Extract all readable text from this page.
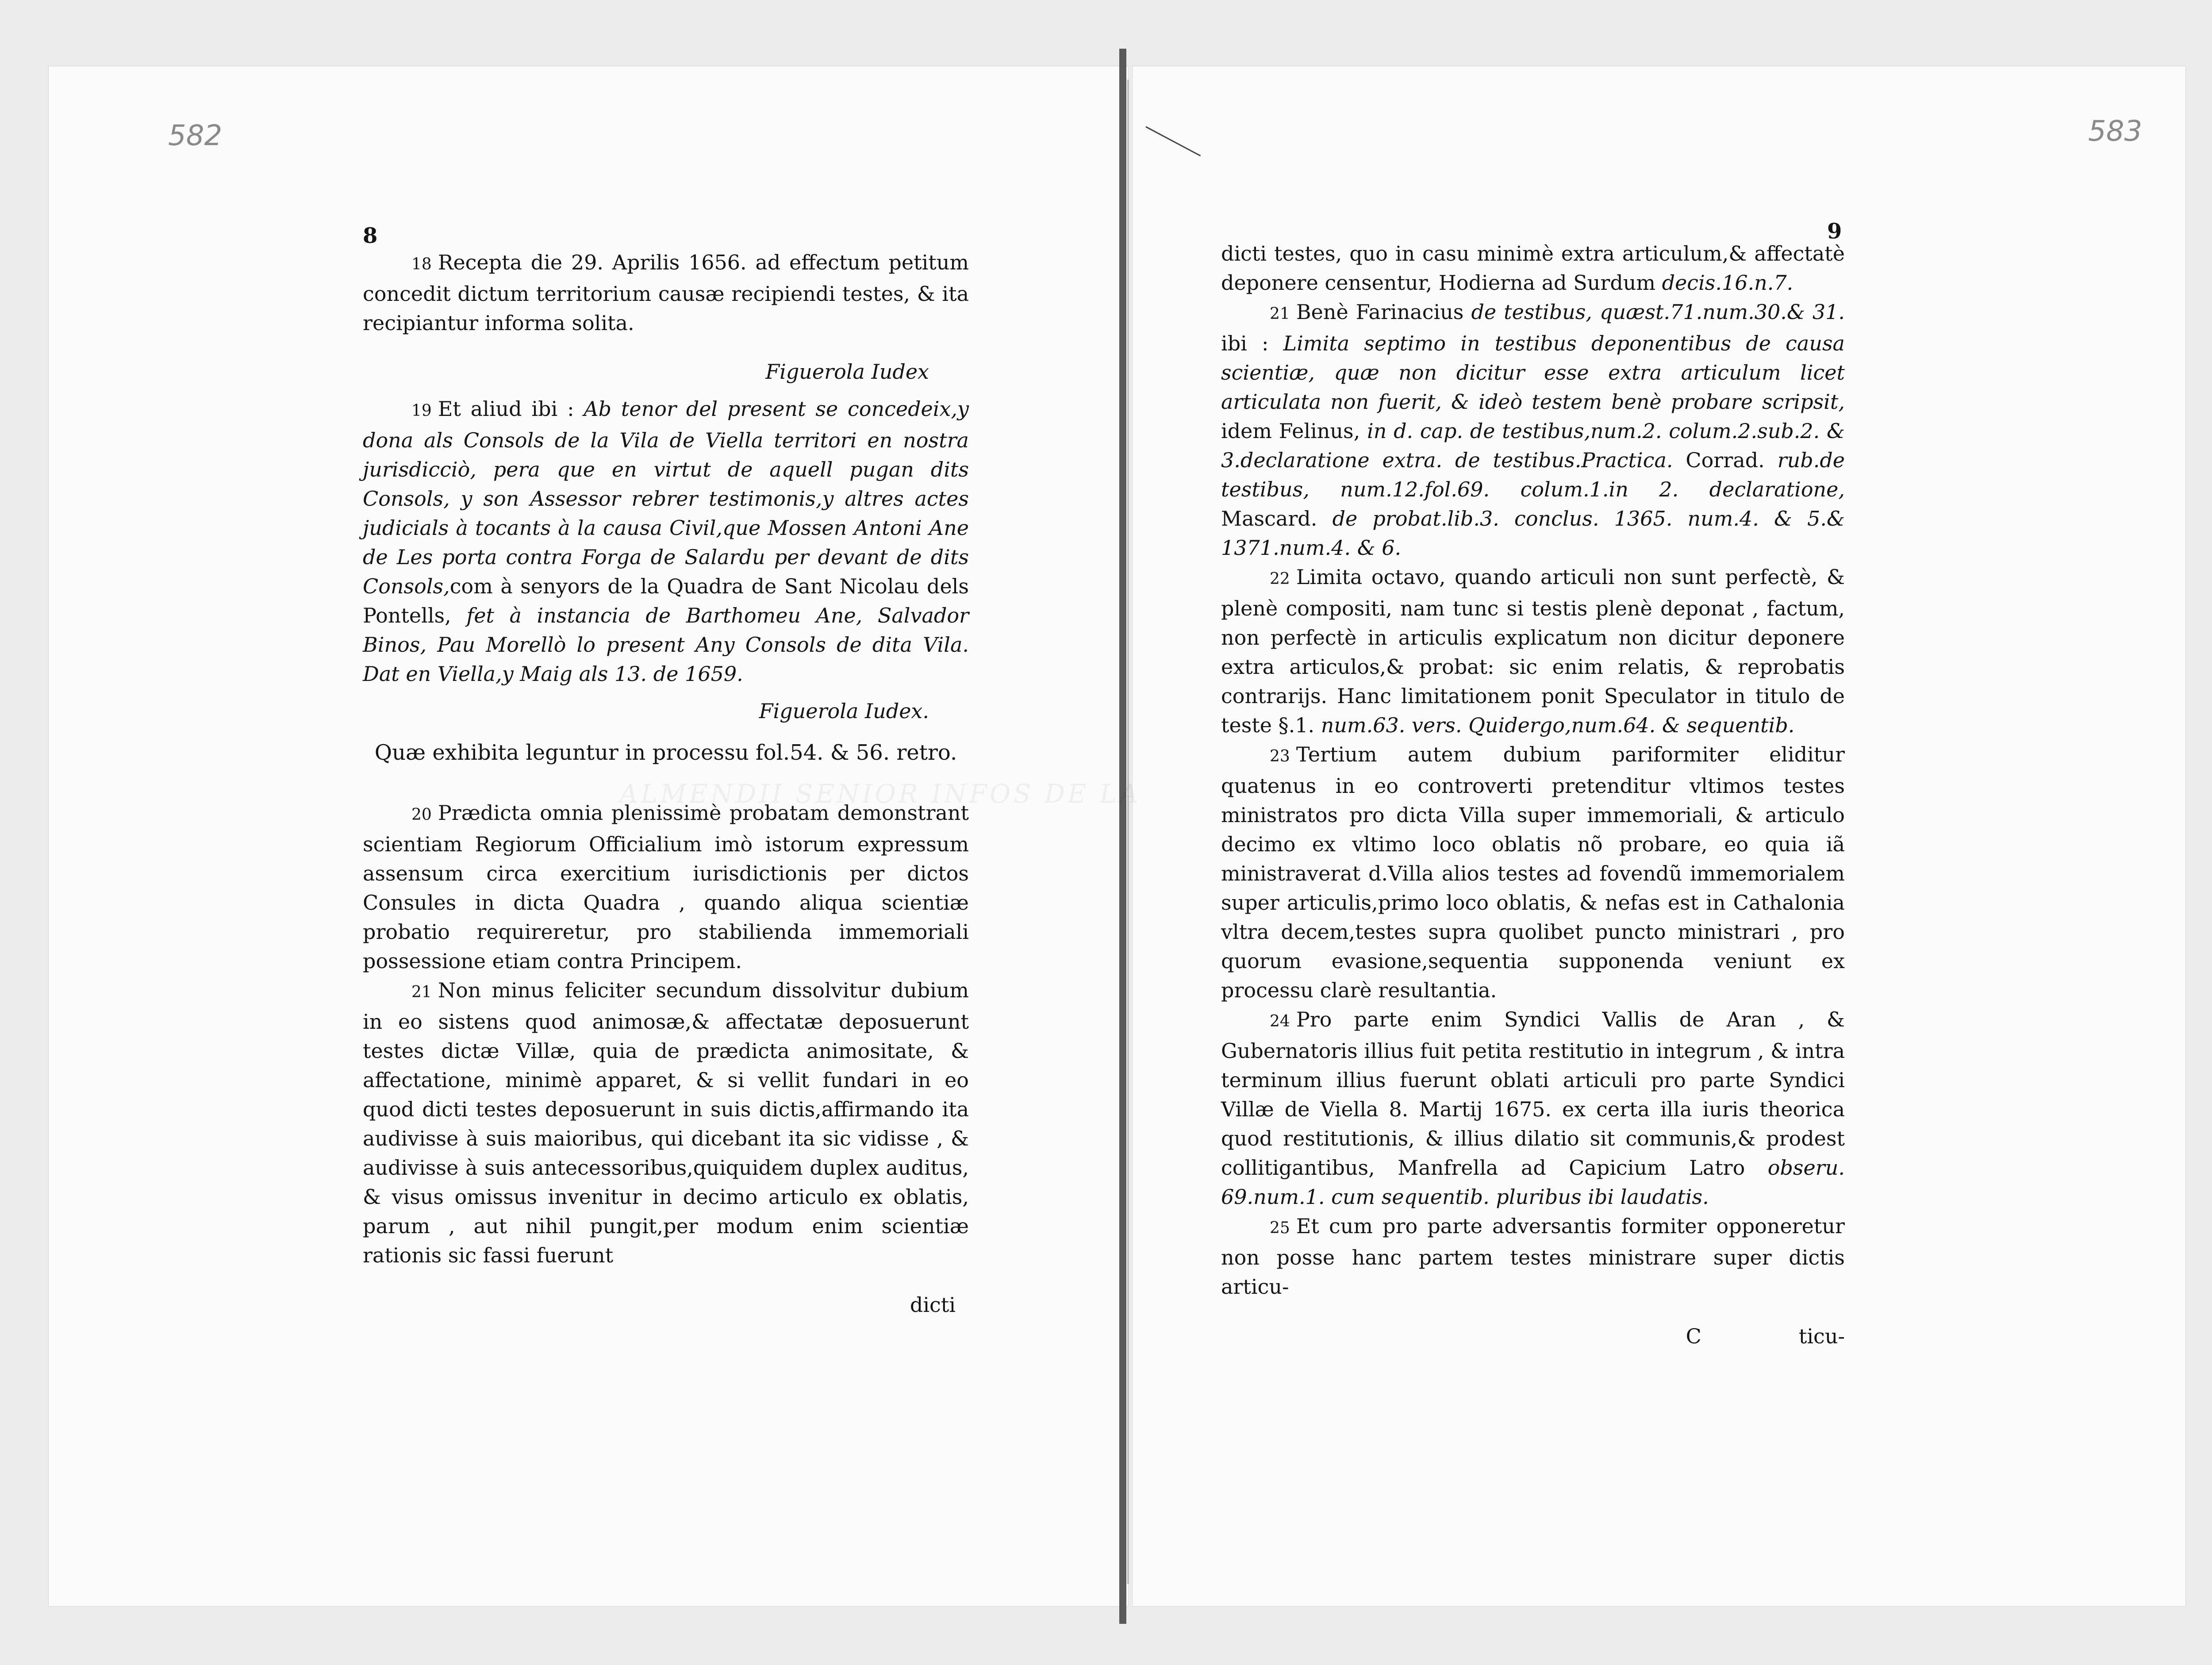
ALMENDII SENIOR INFOS DE LA
582	583
8	9

18 Recepta die 29. Aprilis 1656. ad effectum petitum concedit dictum territorium causæ recipiendi testes, & ita recipiantur informa solita.

Figuerola Iudex

19 Et aliud ibi : Ab tenor del present se concedeix,y dona als Consols de la Vila de Viella territori en nostra jurisdicciò, pera que en virtut de aquell pugan dits Consols, y son Assessor rebrer testimonis,y altres actes judicials à tocants à la causa Civil,que Mossen Antoni Ane de Les porta contra Forga de Salardu per devant de dits Consols,com à senyors de la Quadra de Sant Nicolau dels Pontells, fet à instancia de Barthomeu Ane, Salvador Binos, Pau Morellò lo present Any Consols de dita Vila. Dat en Viella,y Maig als 13. de 1659.

Figuerola Iudex.

Quæ exhibita leguntur in processu fol.54. & 56. retro.

20 Prædicta omnia plenissimè probatam demonstrant scientiam Regiorum Officialium imò istorum expressum assensum circa exercitium iurisdictionis per dictos Consules in dicta Quadra , quando aliqua scientiæ probatio requireretur, pro stabilienda immemoriali possessione etiam contra Principem.

21 Non minus feliciter secundum dissolvitur dubium in eo sistens quod animosæ,& affectatæ deposuerunt testes dictæ Villæ, quia de prædicta animositate, & affectatione, minimè apparet, & si vellit fundari in eo quod dicti testes deposuerunt in suis dictis,affirmando ita audivisse à suis maioribus, qui dicebant ita sic vidisse , & audivisse à suis antecessoribus,quiquidem duplex auditus, & visus omissus invenitur in decimo articulo ex oblatis, parum , aut nihil pungit,per modum enim scientiæ rationis sic fassi fuerunt

dicti

dicti testes, quo in casu minimè extra articulum,& affectatè deponere censentur, Hodierna ad Surdum decis.16.n.7.

21 Benè Farinacius de testibus, quæst.71.num.30.& 31. ibi : Limita septimo in testibus deponentibus de causa scientiæ, quæ non dicitur esse extra articulum licet articulata non fuerit, & ideò testem benè probare scripsit, idem Felinus, in d. cap. de testibus,num.2. colum.2.sub.2. & 3.declaratione extra. de testibus.Practica. Corrad. rub.de testibus, num.12.fol.69. colum.1.in 2. declaratione, Mascard. de probat.lib.3. conclus. 1365. num.4. & 5.& 1371.num.4. & 6.

22 Limita octavo, quando articuli non sunt perfectè, & plenè compositi, nam tunc si testis plenè deponat , factum, non perfectè in articulis explicatum non dicitur deponere extra articulos,& probat: sic enim relatis, & reprobatis contrarijs. Hanc limitationem ponit Speculator in titulo de teste §.1. num.63. vers. Quidergo,num.64. & sequentib.

23 Tertium autem dubium pariformiter eliditur quatenus in eo controverti pretenditur vltimos testes ministratos pro dicta Villa super immemoriali, & articulo decimo ex vltimo loco oblatis nõ probare, eo quia iã ministraverat d.Villa alios testes ad fovendũ immemorialem super articulis,primo loco oblatis, & nefas est in Cathalonia vltra decem,testes supra quolibet puncto ministrari , pro quorum evasione,sequentia supponenda veniunt ex processu clarè resultantia.

24 Pro parte enim Syndici Vallis de Aran , & Gubernatoris illius fuit petita restitutio in integrum , & intra terminum illius fuerunt oblati articuli pro parte Syndici Villæ de Viella 8. Martij 1675. ex certa illa iuris theorica quod restitutionis, & illius dilatio sit communis,& prodest collitigantibus, Manfrella ad Capicium Latro obseru. 69.num.1. cum sequentib. pluribus ibi laudatis.

25 Et cum pro parte adversantis formiter opponeretur non posse hanc partem testes ministrare super dictis articu-

C	ticu-
